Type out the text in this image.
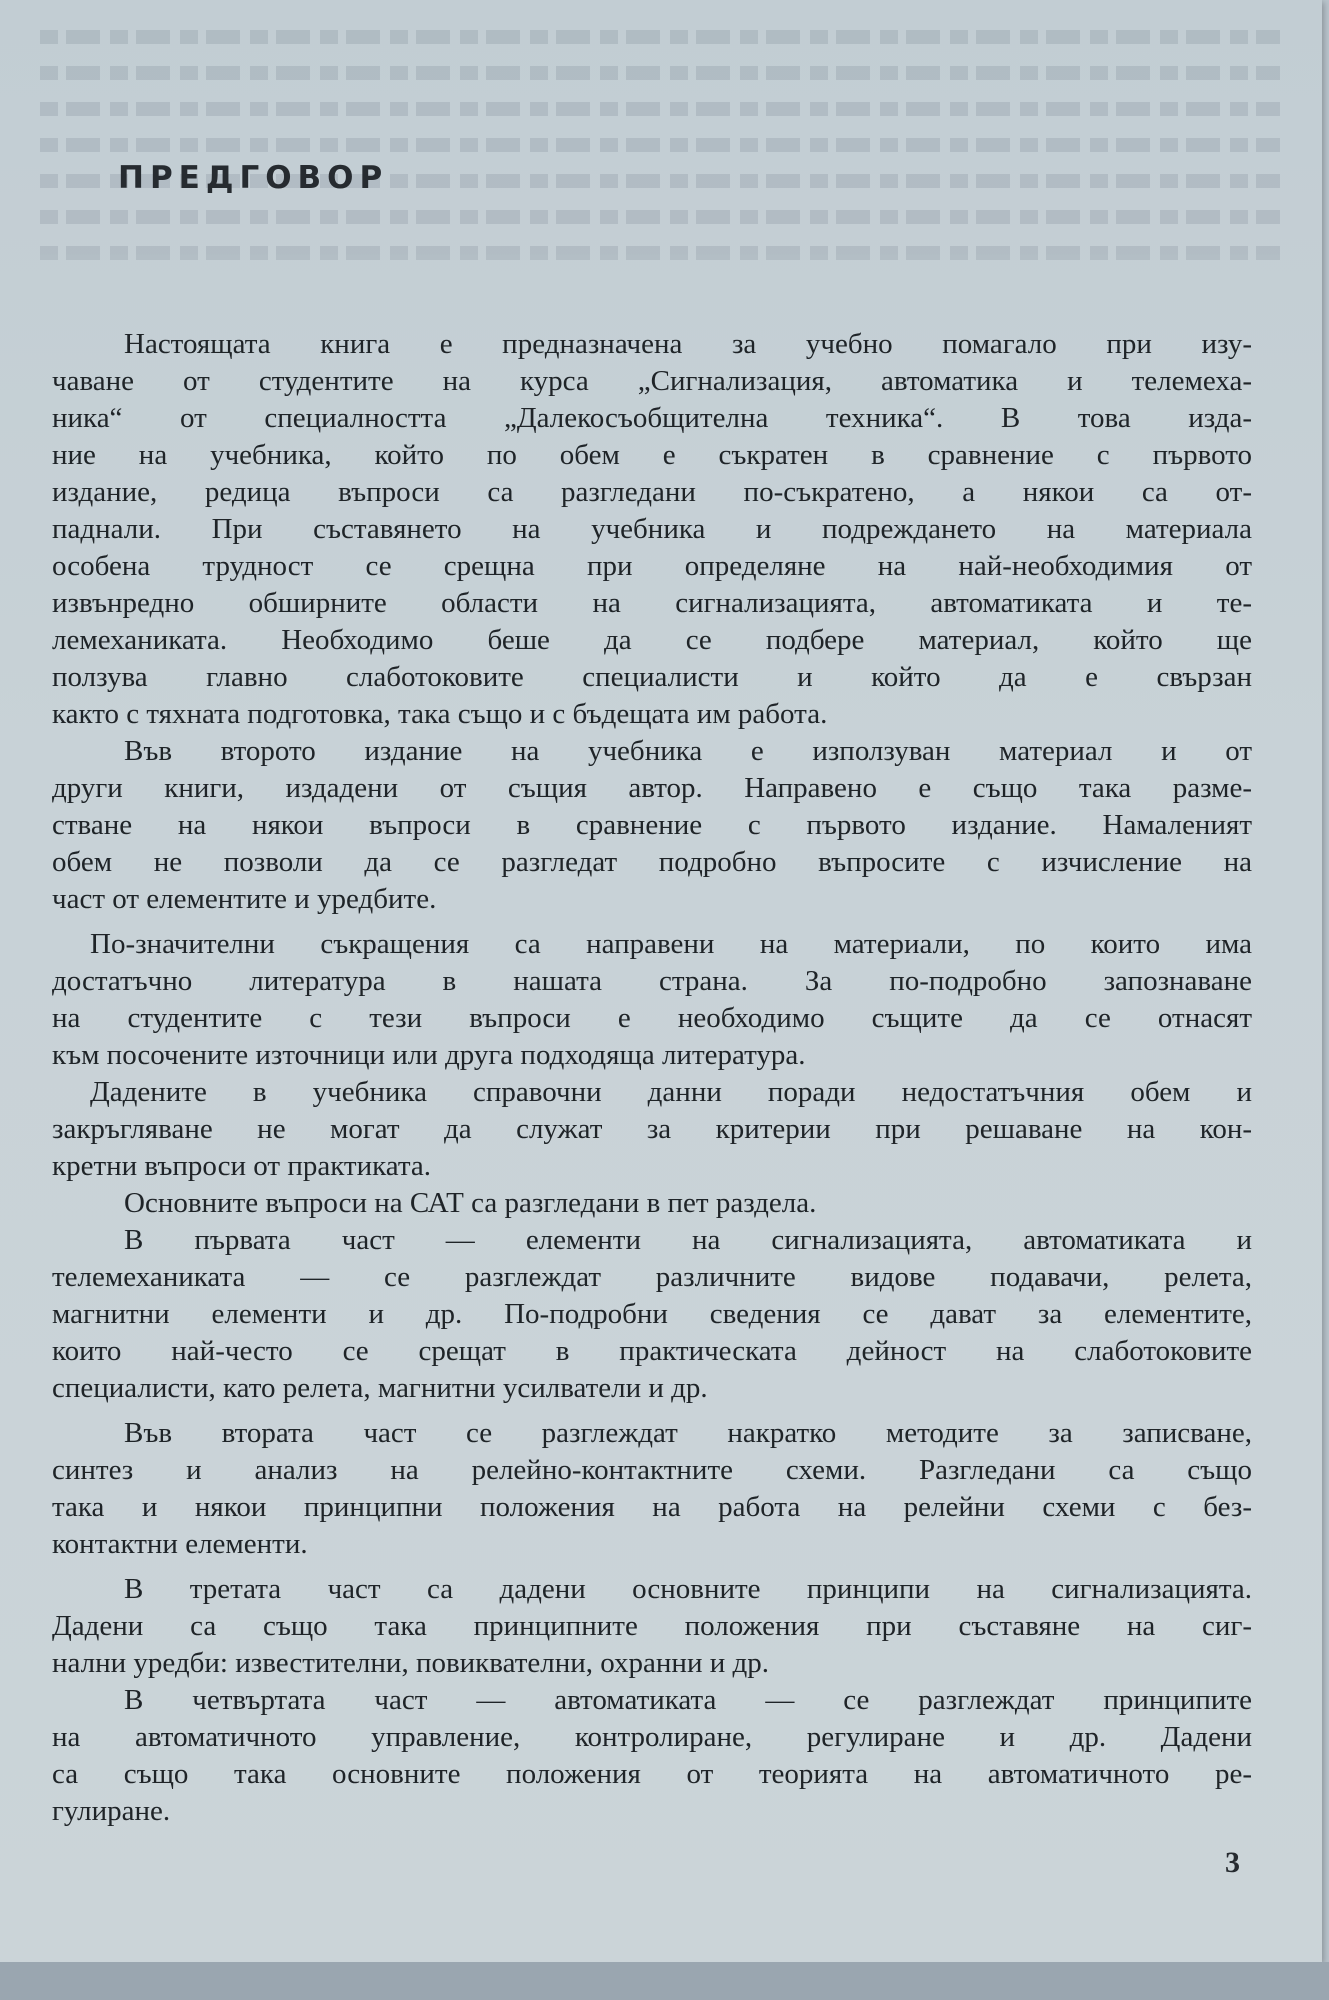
ПРЕДГОВОР
Настоящата книга е предназначена за учебно помагало при изу-
чаване от студентите на курса „Сигнализация, автоматика и телемеха-
ника“ от специалността „Далекосъобщителна техника“. В това изда-
ние на учебника, който по обем е съкратен в сравнение с първото
издание, редица въпроси са разгледани по-съкратено, а някои са от-
паднали. При съставянето на учебника и подреждането на материала
особена трудност се срещна при определяне на най-необходимия от
извънредно обширните области на сигнализацията, автоматиката и те-
лемеханиката. Необходимо беше да се подбере материал, който ще
ползува главно слаботоковите специалисти и който да е свързан
както с тяхната подготовка, така също и с бъдещата им работа.
Във второто издание на учебника е използуван материал и от
други книги, издадени от същия автор. Направено е също така разме-
стване на някои въпроси в сравнение с първото издание. Намаленият
обем не позволи да се разгледат подробно въпросите с изчисление на
част от елементите и уредбите.
По-значителни съкращения са направени на материали, по които има
достатъчно литература в нашата страна. За по-подробно запознаване
на студентите с тези въпроси е необходимо същите да се отнасят
към посочените източници или друга подходяща литература.
Дадените в учебника справочни данни поради недостатъчния обем и
закръгляване не могат да служат за критерии при решаване на кон-
кретни въпроси от практиката.
Основните въпроси на САТ са разгледани в пет раздела.
В първата част — елементи на сигнализацията, автоматиката и
телемеханиката — се разглеждат различните видове подавачи, релета,
магнитни елементи и др. По-подробни сведения се дават за елементите,
които най-често се срещат в практическата дейност на слаботоковите
специалисти, като релета, магнитни усилватели и др.
Във втората част се разглеждат накратко методите за записване,
синтез и анализ на релейно-контактните схеми. Разгледани са също
така и някои принципни положения на работа на релейни схеми с без-
контактни елементи.
В третата част са дадени основните принципи на сигнализацията.
Дадени са също така принципните положения при съставяне на сиг-
нални уредби: известителни, повиквателни, охранни и др.
В четвъртата част — автоматиката — се разглеждат принципите
на автоматичното управление, контролиране, регулиране и др. Дадени
са също така основните положения от теорията на автоматичното ре-
гулиране.
3
